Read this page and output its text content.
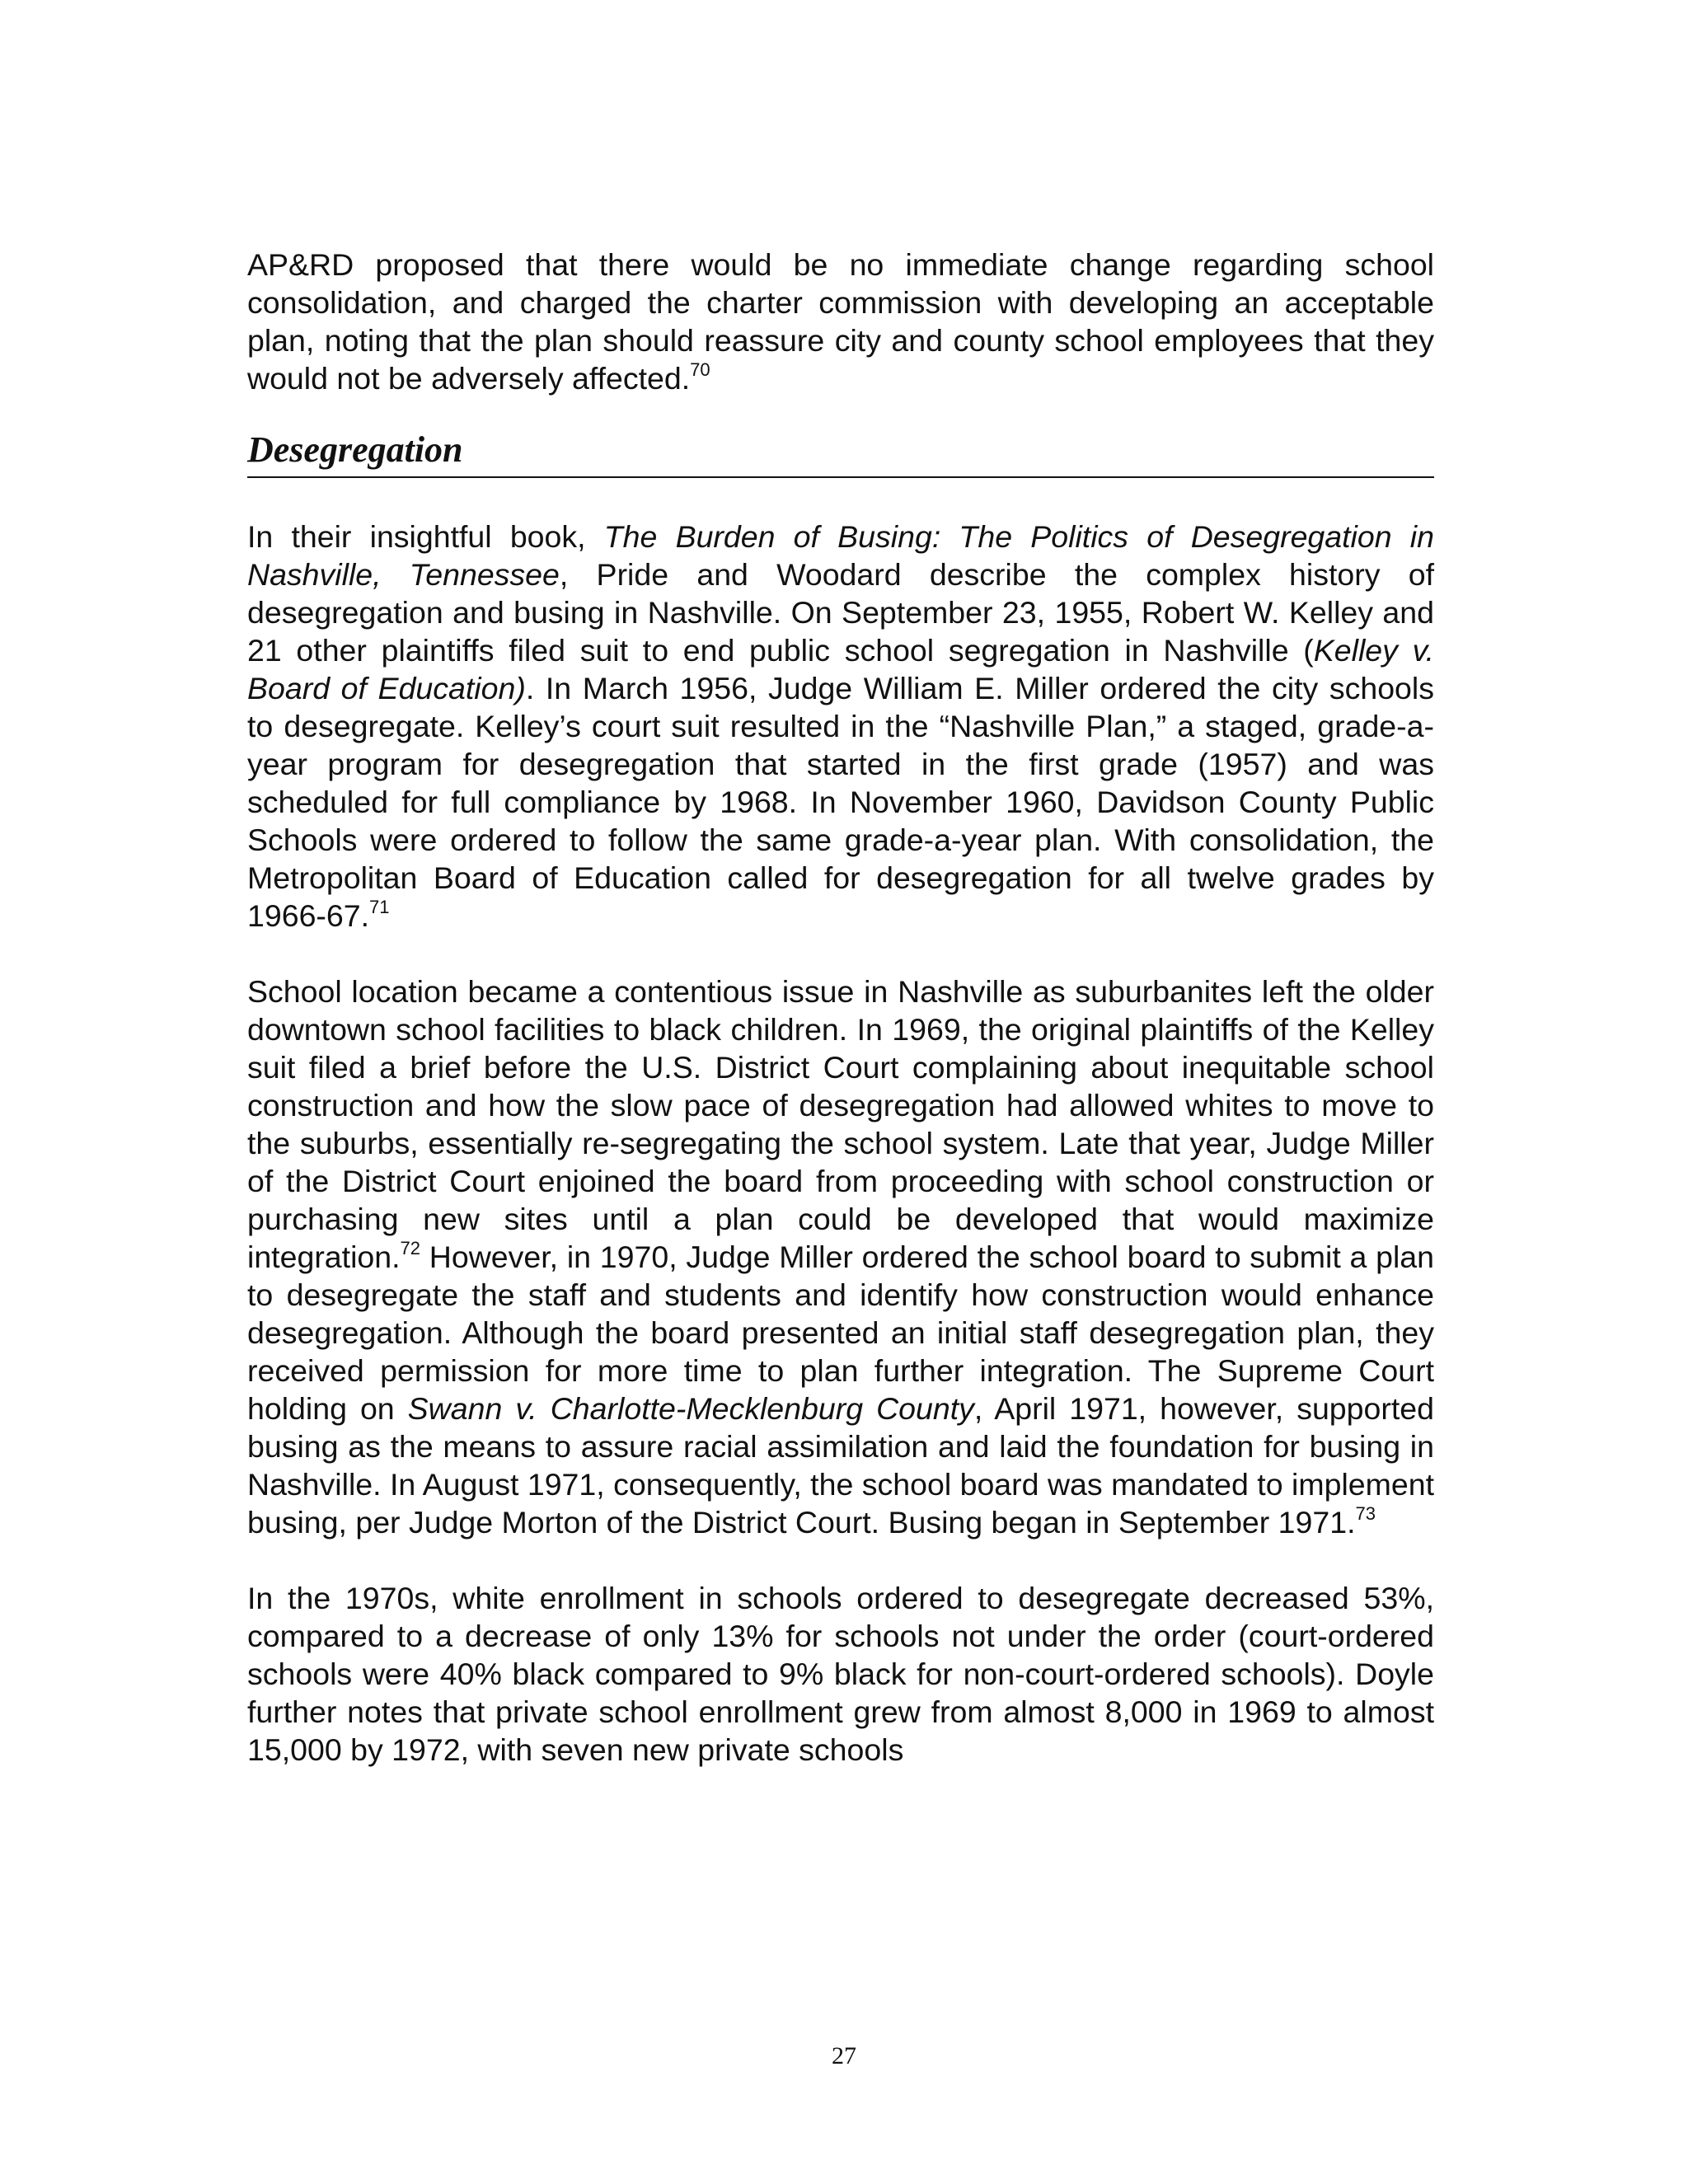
AP&RD proposed that there would be no immediate change regarding school consolidation, and charged the charter commission with developing an acceptable plan, noting that the plan should reassure city and county school employees that they would not be adversely affected.$^{70}$

Desegregation

In their insightful book, The Burden of Busing: The Politics of Desegregation in Nashville, Tennessee, Pride and Woodard describe the complex history of desegregation and busing in Nashville. On September 23, 1955, Robert W. Kelley and 21 other plaintiffs filed suit to end public school segregation in Nashville (Kelley v. Board of Education). In March 1956, Judge William E. Miller ordered the city schools to desegregate. Kelley’s court suit resulted in the “Nashville Plan,” a staged, grade-a-year program for desegregation that started in the first grade (1957) and was scheduled for full compliance by 1968. In November 1960, Davidson County Public Schools were ordered to follow the same grade-a-year plan. With consolidation, the Metropolitan Board of Education called for desegregation for all twelve grades by 1966-67.71

School location became a contentious issue in Nashville as suburbanites left the older downtown school facilities to black children. In 1969, the original plaintiffs of the Kelley suit filed a brief before the U.S. District Court complaining about inequitable school construction and how the slow pace of desegregation had allowed whites to move to the suburbs, essentially re-segregating the school system. Late that year, Judge Miller of the District Court enjoined the board from proceeding with school construction or purchasing new sites until a plan could be developed that would maximize integration.$^{72}$ However, in 1970, Judge Miller ordered the school board to submit a plan to desegregate the staff and students and identify how construction would enhance desegregation. Although the board presented an initial staff desegregation plan, they received permission for more time to plan further integration. The Supreme Court holding on Swann v. Charlotte-Mecklenburg County, April 1971, however, supported busing as the means to assure racial assimilation and laid the foundation for busing in Nashville. In August 1971, consequently, the school board was mandated to implement busing, per Judge Morton of the District Court. Busing began in September 1971.73

In the 1970s, white enrollment in schools ordered to desegregate decreased 53%, compared to a decrease of only 13% for schools not under the order (court-ordered schools were 40% black compared to 9% black for non-court-ordered schools). Doyle further notes that private school enrollment grew from almost 8,000 in 1969 to almost 15,000 by 1972, with seven new private schools

27
